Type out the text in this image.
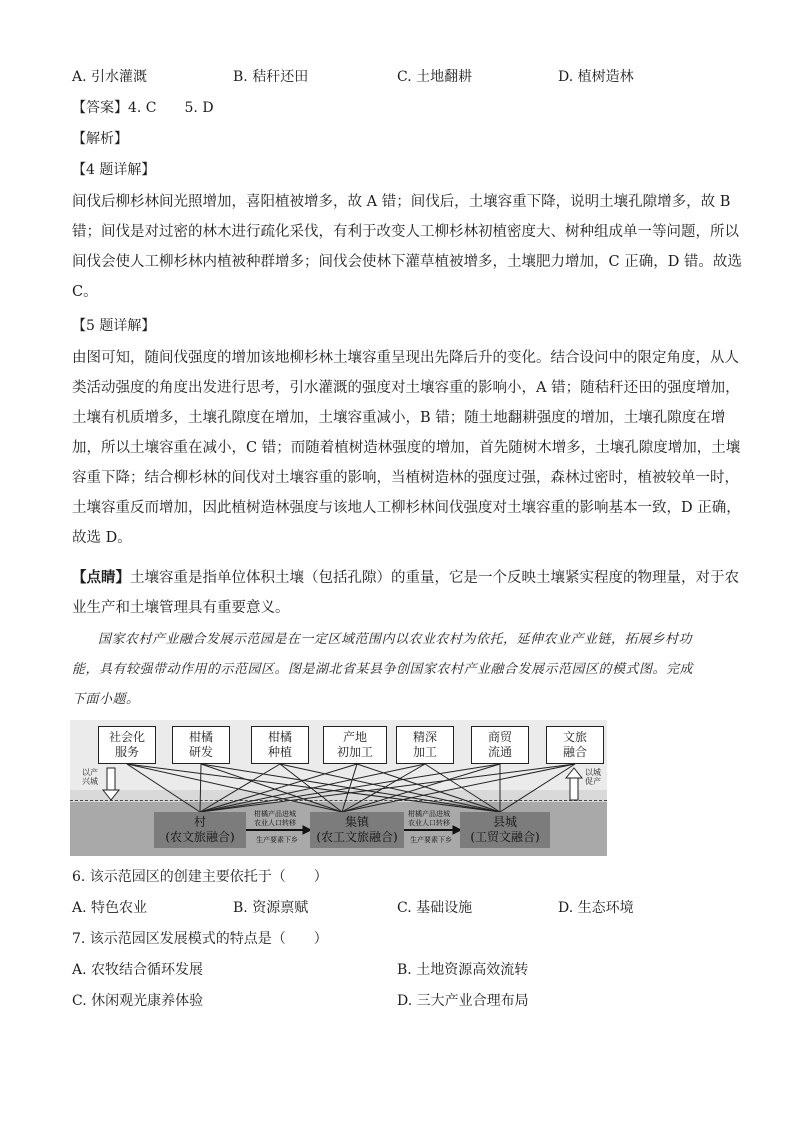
A. 引水灌溉	B. 秸秆还田	C. 土地翻耕	D. 植树造林
【答案】4. C　　5. D
【解析】
【4 题详解】
间伐后柳杉林间光照增加，喜阳植被增多，故 A 错；间伐后，土壤容重下降，说明土壤孔隙增多，故 B
错；间伐是对过密的林木进行疏化采伐，有利于改变人工柳杉林初植密度大、树种组成单一等问题，所以
间伐会使人工柳杉林内植被种群增多；间伐会使林下灌草植被增多，土壤肥力增加，C 正确，D 错。故选
C。
【5 题详解】
由图可知，随间伐强度的增加该地柳杉林土壤容重呈现出先降后升的变化。结合设问中的限定角度，从人
类活动强度的角度出发进行思考，引水灌溉的强度对土壤容重的影响小，A 错；随秸秆还田的强度增加，
土壤有机质增多，土壤孔隙度在增加，土壤容重减小，B 错；随土地翻耕强度的增加，土壤孔隙度在增
加，所以土壤容重在减小，C 错；而随着植树造林强度的增加，首先随树木增多，土壤孔隙度增加，土壤
容重下降；结合柳杉林的间伐对土壤容重的影响，当植树造林的强度过强，森林过密时，植被较单一时，
土壤容重反而增加，因此植树造林强度与该地人工柳杉林间伐强度对土壤容重的影响基本一致，D 正确，
故选 D。
【点睛】土壤容重是指单位体积土壤（包括孔隙）的重量，它是一个反映土壤紧实程度的物理量，对于农
业生产和土壤管理具有重要意义。
国家农村产业融合发展示范园是在一定区域范围内以农业农村为依托，延伸农业产业链，拓展乡村功
能，具有较强带动作用的示范园区。图是湖北省某县争创国家农村产业融合发展示范园区的模式图。完成
下面小题。
社会化
服务
柑橘
研发
柑橘
种植
产地
初加工
精深
加工
商贸
流通
文旅
融合
以产
兴城
以城
促产
村
(农文旅融合)
集镇
(农工文旅融合)
县城
(工贸文融合)
柑橘产品进城
农业人口转移
生产要素下乡
柑橘产品进城
农业人口转移
生产要素下乡
6. 该示范园区的创建主要依托于（　　）
A. 特色农业	B. 资源禀赋	C. 基础设施	D. 生态环境
7. 该示范园区发展模式的特点是（　　）
A. 农牧结合循环发展	B. 土地资源高效流转
C. 休闲观光康养体验	D. 三大产业合理布局
